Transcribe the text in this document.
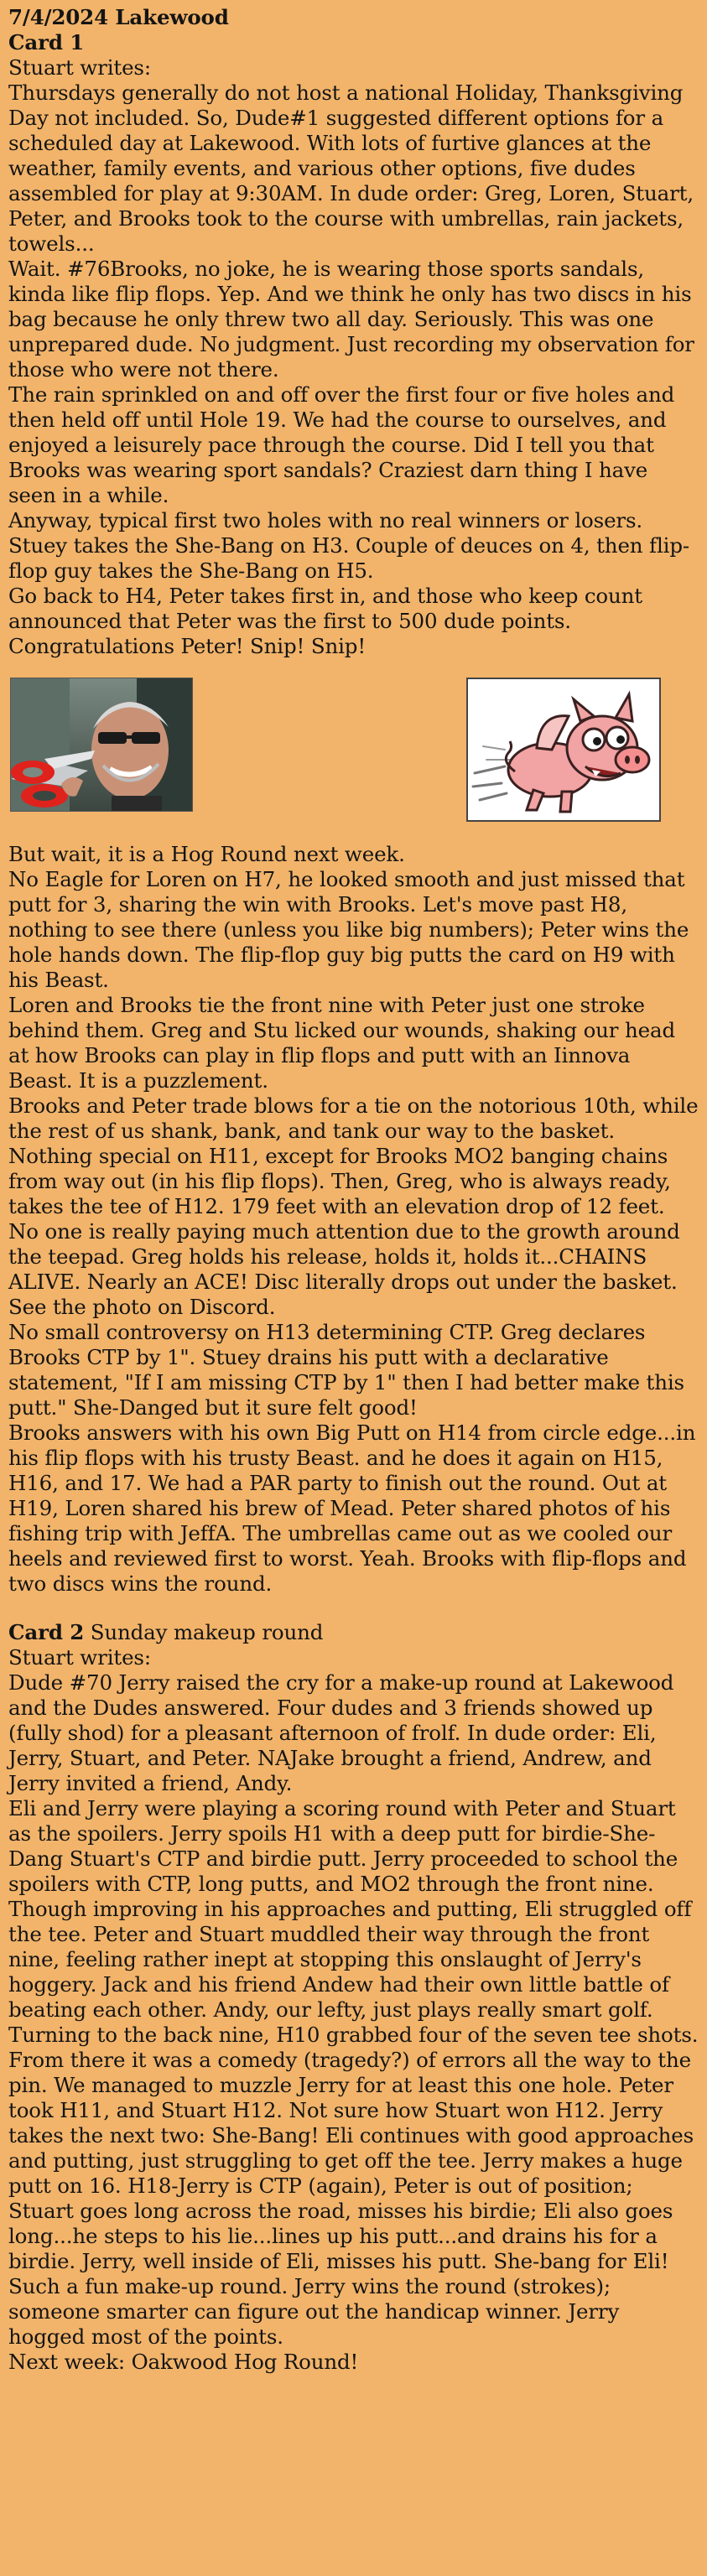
7/4/2024 Lakewood

Card 1

Stuart writes:

Thursdays generally do not host a national Holiday, Thanksgiving Day not included. So, Dude#1 suggested different options for a scheduled day at Lakewood. With lots of furtive glances at the weather, family events, and various other options, five dudes assembled for play at 9:30AM. In dude order: Greg, Loren, Stuart, Peter, and Brooks took to the course with umbrellas, rain jackets, towels...

Wait. #76Brooks, no joke, he is wearing those sports sandals, kinda like flip flops. Yep. And we think he only has two discs in his bag because he only threw two all day. Seriously. This was one unprepared dude. No judgment. Just recording my observation for those who were not there.

The rain sprinkled on and off over the first four or five holes and then held off until Hole 19. We had the course to ourselves, and enjoyed a leisurely pace through the course. Did I tell you that Brooks was wearing sport sandals? Craziest darn thing I have seen in a while.

Anyway, typical first two holes with no real winners or losers. Stuey takes the She-Bang on H3. Couple of deuces on 4, then flip-flop guy takes the She-Bang on H5.

Go back to H4, Peter takes first in, and those who keep count announced that Peter was the first to 500 dude points. Congratulations Peter! Snip! Snip!

But wait, it is a Hog Round next week.

No Eagle for Loren on H7, he looked smooth and just missed that putt for 3, sharing the win with Brooks. Let's move past H8, nothing to see there (unless you like big numbers); Peter wins the hole hands down. The flip-flop guy big putts the card on H9 with his Beast.

Loren and Brooks tie the front nine with Peter just one stroke behind them. Greg and Stu licked our wounds, shaking our head at how Brooks can play in flip flops and putt with an Iinnova Beast. It is a puzzlement.

Brooks and Peter trade blows for a tie on the notorious 10th, while the rest of us shank, bank, and tank our way to the basket. Nothing special on H11, except for Brooks MO2 banging chains from way out (in his flip flops). Then, Greg, who is always ready, takes the tee of H12. 179 feet with an elevation drop of 12 feet. No one is really paying much attention due to the growth around the teepad. Greg holds his release, holds it, holds it...CHAINS ALIVE. Nearly an ACE! Disc literally drops out under the basket. See the photo on Discord.

No small controversy on H13 determining CTP. Greg declares Brooks CTP by 1". Stuey drains his putt with a declarative statement, "If I am missing CTP by 1" then I had better make this putt." She-Danged but it sure felt good!

Brooks answers with his own Big Putt on H14 from circle edge...in his flip flops with his trusty Beast. and he does it again on H15, H16, and 17. We had a PAR party to finish out the round. Out at H19, Loren shared his brew of Mead. Peter shared photos of his fishing trip with JeffA. The umbrellas came out as we cooled our heels and reviewed first to worst. Yeah. Brooks with flip-flops and two discs wins the round.

Card 2 Sunday makeup round

Stuart writes:

Dude #70 Jerry raised the cry for a make-up round at Lakewood and the Dudes answered. Four dudes and 3 friends showed up (fully shod) for a pleasant afternoon of frolf. In dude order: Eli, Jerry, Stuart, and Peter. NAJake brought a friend, Andrew, and Jerry invited a friend, Andy.

Eli and Jerry were playing a scoring round with Peter and Stuart as the spoilers. Jerry spoils H1 with a deep putt for birdie-She-Dang Stuart's CTP and birdie putt. Jerry proceeded to school the spoilers with CTP, long putts, and MO2 through the front nine. Though improving in his approaches and putting, Eli struggled off the tee. Peter and Stuart muddled their way through the front nine, feeling rather inept at stopping this onslaught of Jerry's hoggery. Jack and his friend Andew had their own little battle of beating each other. Andy, our lefty, just plays really smart golf.

Turning to the back nine, H10 grabbed four of the seven tee shots. From there it was a comedy (tragedy?) of errors all the way to the pin. We managed to muzzle Jerry for at least this one hole. Peter took H11, and Stuart H12. Not sure how Stuart won H12. Jerry takes the next two: She-Bang! Eli continues with good approaches and putting, just struggling to get off the tee. Jerry makes a huge putt on 16. H18-Jerry is CTP (again), Peter is out of position; Stuart goes long across the road, misses his birdie; Eli also goes long...he steps to his lie...lines up his putt...and drains his for a birdie. Jerry, well inside of Eli, misses his putt. She-bang for Eli!

Such a fun make-up round. Jerry wins the round (strokes); someone smarter can figure out the handicap winner. Jerry hogged most of the points.

Next week: Oakwood Hog Round!
